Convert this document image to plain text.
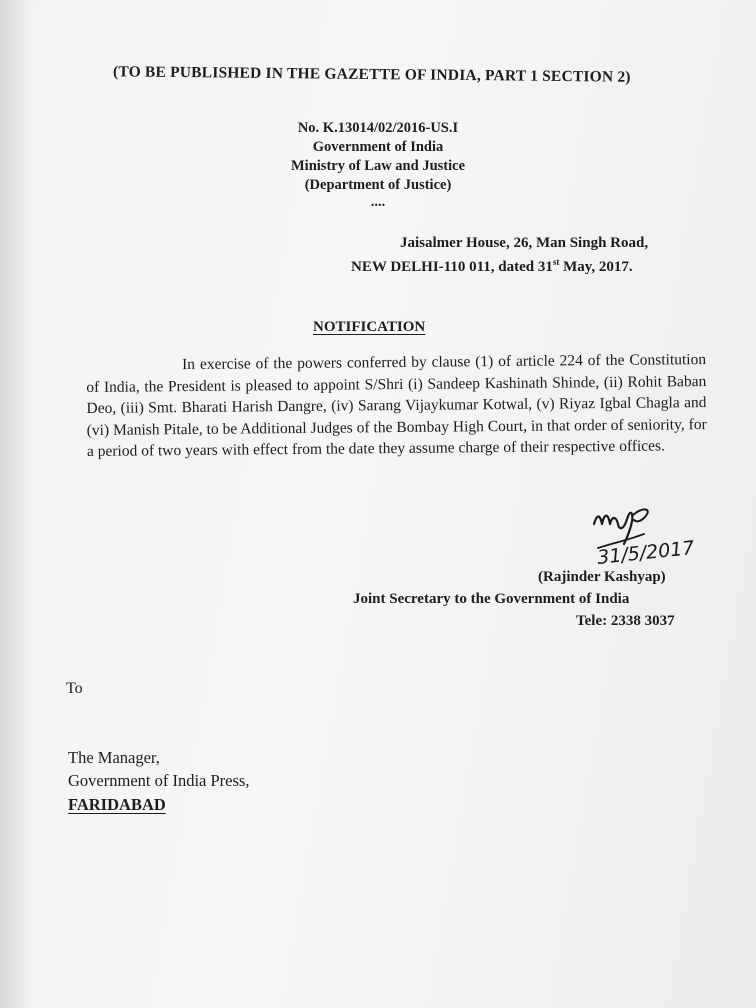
(TO BE PUBLISHED IN THE GAZETTE OF INDIA, PART 1 SECTION 2)
No. K.13014/02/2016-US.I
Government of India
Ministry of Law and Justice
(Department of Justice)
....
Jaisalmer House, 26, Man Singh Road,
NEW DELHI-110 011, dated 31st May, 2017.
NOTIFICATION
In exercise of the powers conferred by clause (1) of article 224 of the Constitution of India, the President is pleased to appoint S/Shri (i) Sandeep Kashinath Shinde, (ii) Rohit Baban Deo, (iii) Smt. Bharati Harish Dangre, (iv) Sarang Vijaykumar Kotwal, (v) Riyaz Igbal Chagla and (vi) Manish Pitale, to be Additional Judges of the Bombay High Court, in that order of seniority, for a period of two years with effect from the date they assume charge of their respective offices.
31/5/2017
(Rajinder Kashyap)
Joint Secretary to the Government of India
Tele: 2338 3037
To
The Manager,
Government of India Press,
FARIDABAD
